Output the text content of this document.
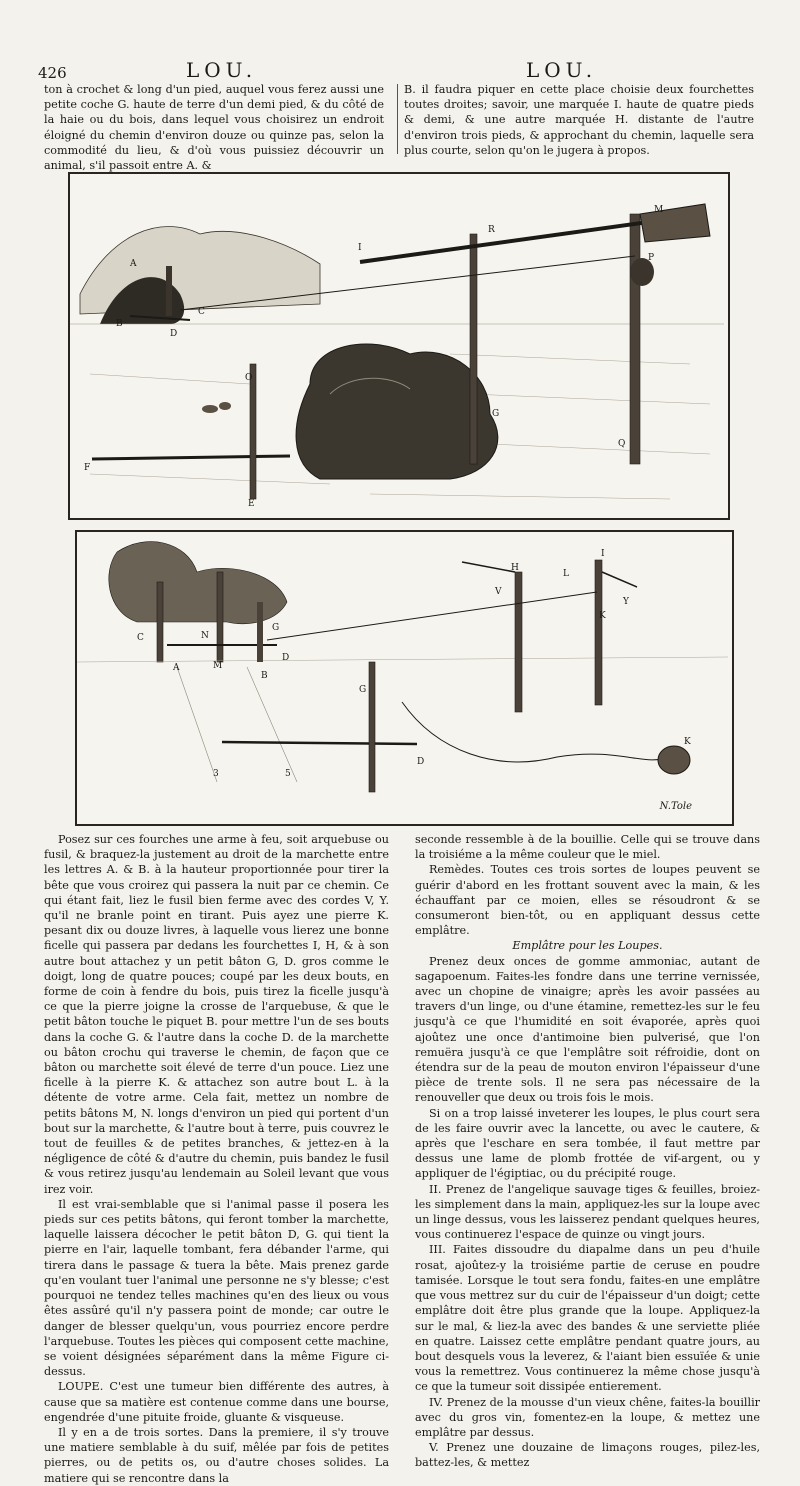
426	LOU.	LOU.

ton à crochet & long d'un pied, auquel vous ferez aussi une petite coche G. haute de terre d'un demi pied, & du côté de la haie ou du bois, dans lequel vous choisirez un endroit éloigné du chemin d'environ douze ou quinze pas, selon la commodité du lieu, & d'où vous puissiez découvrir un animal, s'il passoit entre A. &

B. il faudra piquer en cette place choisie deux fourchettes toutes droites; savoir, une marquée I. haute de quatre pieds & demi, & une autre marquée H. distante de l'autre d'environ trois pieds, & approchant du chemin, laquelle sera plus courte, selon qu'on le jugera à propos.

A
B
C
D
E
F
G
I
M
O
P
Q
R
A
B
C
D
D
G
G
H
I
K
K
L
M
N
V
Y
3	5
N.Tole

Posez sur ces fourches une arme à feu, soit arquebuse ou fusil, & braquez-la justement au droit de la marchette entre les lettres A. & B. à la hauteur proportionnée pour tirer la bête que vous croirez qui passera la nuit par ce chemin. Ce qui étant fait, liez le fusil bien ferme avec des cordes V, Y. qu'il ne branle point en tirant. Puis ayez une pierre K. pesant dix ou douze livres, à laquelle vous lierez une bonne ficelle qui passera par dedans les fourchettes I, H, & à son autre bout attachez y un petit bâton G, D. gros comme le doigt, long de quatre pouces; coupé par les deux bouts, en forme de coin à fendre du bois, puis tirez la ficelle jusqu'à ce que la pierre joigne la crosse de l'arquebuse, & que le petit bâton touche le piquet B. pour mettre l'un de ses bouts dans la coche G. & l'autre dans la coche D. de la marchette ou bâton crochu qui traverse le chemin, de façon que ce bâton ou marchette soit élevé de terre d'un pouce. Liez une ficelle à la pierre K. & attachez son autre bout L. à la détente de votre arme. Cela fait, mettez un nombre de petits bâtons M, N. longs d'environ un pied qui portent d'un bout sur la marchette, & l'autre bout à terre, puis couvrez le tout de feuilles & de petites branches, & jettez-en à la négligence de côté & d'autre du chemin, puis bandez le fusil & vous retirez jusqu'au lendemain au Soleil levant que vous irez voir.

Il est vrai-semblable que si l'animal passe il posera les pieds sur ces petits bâtons, qui feront tomber la marchette, laquelle laissera décocher le petit bâton D, G. qui tient la pierre en l'air, laquelle tombant, fera débander l'arme, qui tirera dans le passage & tuera la bête. Mais prenez garde qu'en voulant tuer l'animal une personne ne s'y blesse; c'est pourquoi ne tendez telles machines qu'en des lieux ou vous êtes assûré qu'il n'y passera point de monde; car outre le danger de blesser quelqu'un, vous pourriez encore perdre l'arquebuse. Toutes les pièces qui composent cette machine, se voient désignées séparément dans la même Figure ci-dessus.

LOUPE. C'est une tumeur bien différente des autres, à cause que sa matière est contenue comme dans une bourse, engendrée d'une pituite froide, gluante & visqueuse.

Il y en a de trois sortes. Dans la premiere, il s'y trouve une matiere semblable à du suif, mêlée par fois de petites pierres, ou de petits os, ou d'autre choses solides. La matiere qui se rencontre dans la

seconde ressemble à de la bouillie. Celle qui se trouve dans la troisiéme a la même couleur que le miel.

Remèdes. Toutes ces trois sortes de loupes peuvent se guérir d'abord en les frottant souvent avec la main, & les échauffant par ce moien, elles se résoudront & se consumeront bien-tôt, ou en appliquant dessus cette emplâtre.

Emplâtre pour les Loupes.

Prenez deux onces de gomme ammoniac, autant de sagapoenum. Faites-les fondre dans une terrine vernissée, avec un chopine de vinaigre; après les avoir passées au travers d'un linge, ou d'une étamine, remettez-les sur le feu jusqu'à ce que l'humidité en soit évaporée, après quoi ajoûtez une once d'antimoine bien pulverisé, que l'on remuëra jusqu'à ce que l'emplâtre soit réfroidie, dont on étendra sur de la peau de mouton environ l'épaisseur d'une pièce de trente sols. Il ne sera pas nécessaire de la renouveller que deux ou trois fois le mois.

Si on a trop laissé inveterer les loupes, le plus court sera de les faire ouvrir avec la lancette, ou avec le cautere, & après que l'eschare en sera tombée, il faut mettre par dessus une lame de plomb frottée de vif-argent, ou y appliquer de l'égiptiac, ou du précipité rouge.

II. Prenez de l'angelique sauvage tiges & feuilles, broiez-les simplement dans la main, appliquez-les sur la loupe avec un linge dessus, vous les laisserez pendant quelques heures, vous continuerez l'espace de quinze ou vingt jours.

III. Faites dissoudre du diapalme dans un peu d'huile rosat, ajoûtez-y la troisiéme partie de ceruse en poudre tamisée. Lorsque le tout sera fondu, faites-en une emplâtre que vous mettrez sur du cuir de l'épaisseur d'un doigt; cette emplâtre doit être plus grande que la loupe. Appliquez-la sur le mal, & liez-la avec des bandes & une serviette pliée en quatre. Laissez cette emplâtre pendant quatre jours, au bout desquels vous la leverez, & l'aiant bien essuïée & unie vous la remettrez. Vous continuerez la même chose jusqu'à ce que la tumeur soit dissipée entierement.

IV. Prenez de la mousse d'un vieux chêne, faites-la bouillir avec du gros vin, fomentez-en la loupe, & mettez une emplâtre par dessus.

V. Prenez une douzaine de limaçons rouges, pilez-les, battez-les, & mettez
